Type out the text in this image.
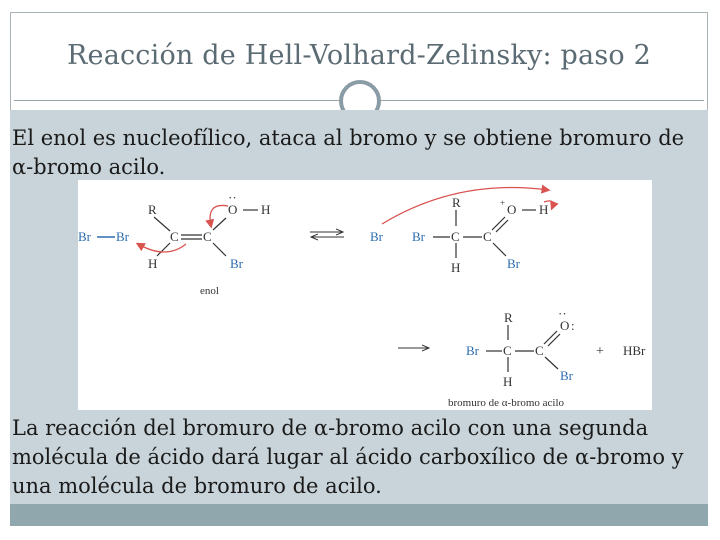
Reacción de Hell-Volhard-Zelinsky: paso 2
El enol es nucleofílico, ataca al bromo y se obtiene bromuro de α-bromo acilo.
Br Br
R
C
H
C
··
O H
Br
enol
Br Br
R
C
H
C
+ O H
Br
R
Br C
H
C
··
O :
Br
+ HBr
bromuro de α-bromo acilo
La reacción del bromuro de α-bromo acilo con una segunda molécula de ácido dará lugar al ácido carboxílico de α-bromo y una molécula de bromuro de acilo.
